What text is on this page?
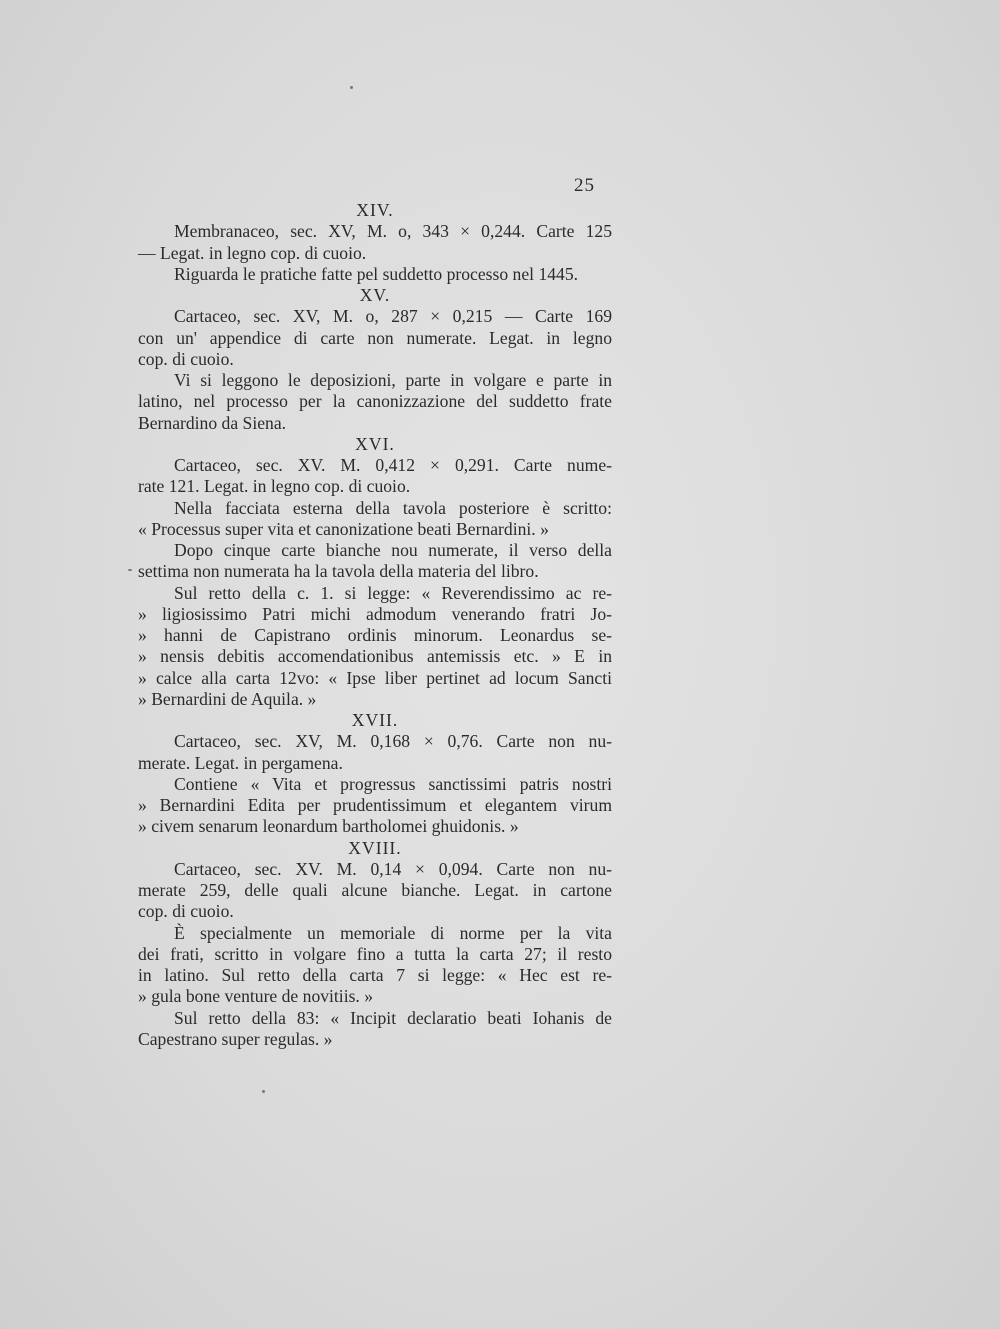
25
XIV.
Membranaceo, sec. XV, M. o, 343 × 0,244. Carte 125
— Legat. in legno cop. di cuoio.
Riguarda le pratiche fatte pel suddetto processo nel 1445.
XV.
Cartaceo, sec. XV, M. o, 287 × 0,215 — Carte 169
con un' appendice di carte non numerate. Legat. in legno
cop. di cuoio.
Vi si leggono le deposizioni, parte in volgare e parte in
latino, nel processo per la canonizzazione del suddetto frate
Bernardino da Siena.
XVI.
Cartaceo, sec. XV. M. 0,412 × 0,291. Carte nume-
rate 121. Legat. in legno cop. di cuoio.
Nella facciata esterna della tavola posteriore è scritto:
« Processus super vita et canonizatione beati Bernardini. »
Dopo cinque carte bianche nou numerate, il verso della
settima non numerata ha la tavola della materia del libro.
Sul retto della c. 1. si legge: « Reverendissimo ac re-
» ligiosissimo Patri michi admodum venerando fratri Jo-
» hanni de Capistrano ordinis minorum. Leonardus se-
» nensis debitis accomendationibus antemissis etc. » E in
» calce alla carta 12vo: « Ipse liber pertinet ad locum Sancti
» Bernardini de Aquila. »
XVII.
Cartaceo, sec. XV, M. 0,168 × 0,76. Carte non nu-
merate. Legat. in pergamena.
Contiene « Vita et progressus sanctissimi patris nostri
» Bernardini Edita per prudentissimum et elegantem virum
» civem senarum leonardum bartholomei ghuidonis. »
XVIII.
Cartaceo, sec. XV. M. 0,14 × 0,094. Carte non nu-
merate 259, delle quali alcune bianche. Legat. in cartone
cop. di cuoio.
È specialmente un memoriale di norme per la vita
dei frati, scritto in volgare fino a tutta la carta 27; il resto
in latino. Sul retto della carta 7 si legge: « Hec est re-
» gula bone venture de novitiis. »
Sul retto della 83: « Incipit declaratio beati Iohanis de
Capestrano super regulas. »
